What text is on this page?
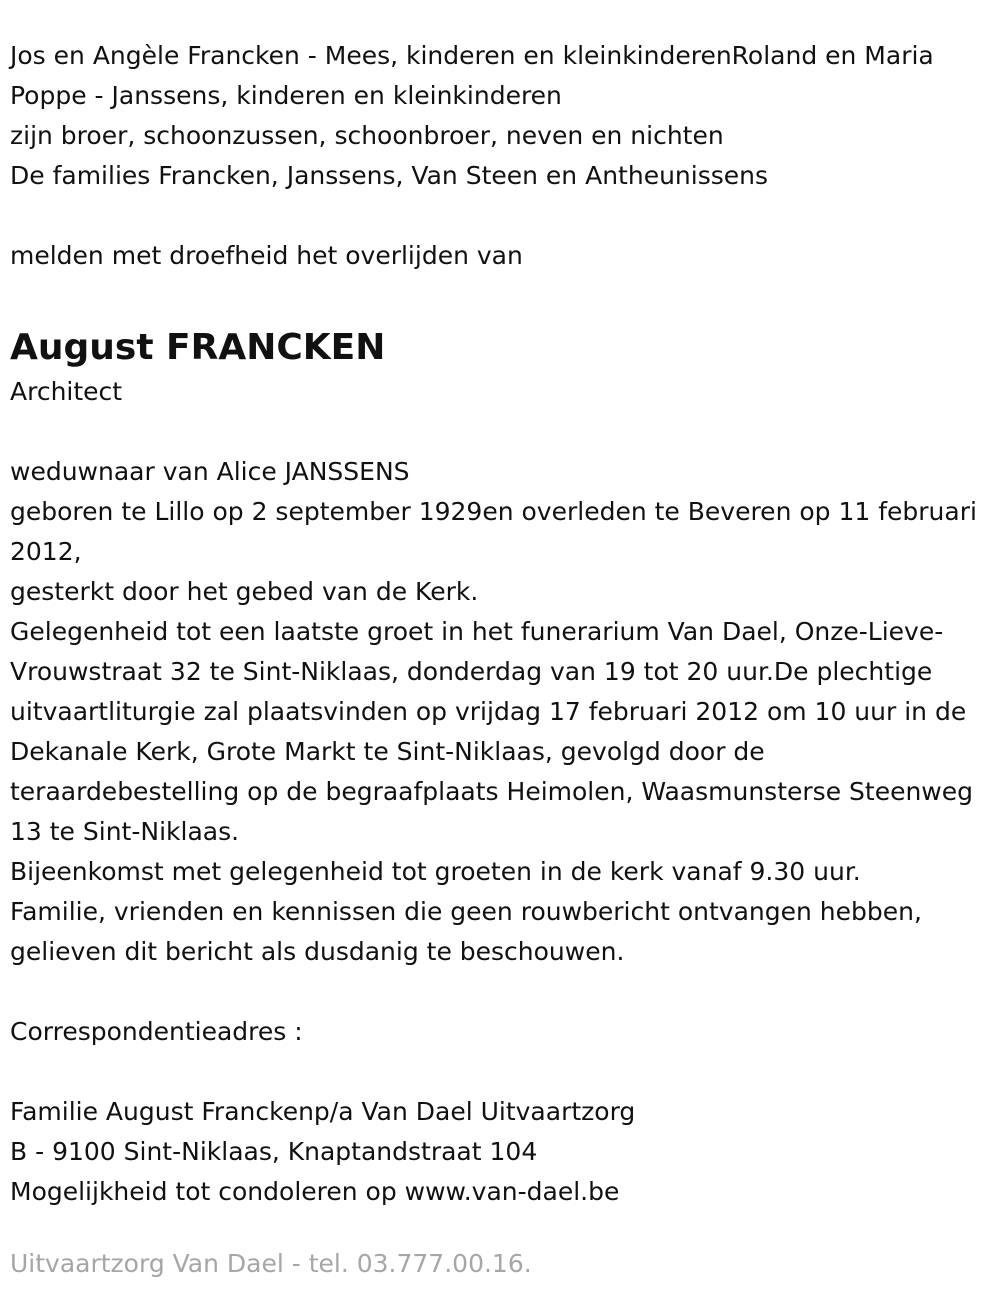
Jos en Angèle Francken - Mees, kinderen en kleinkinderenRoland en Maria
Poppe - Janssens, kinderen en kleinkinderen
zijn broer, schoonzussen, schoonbroer, neven en nichten
De families Francken, Janssens, Van Steen en Antheunissens
melden met droefheid het overlijden van
August FRANCKEN
Architect
weduwnaar van Alice JANSSENS
geboren te Lillo op 2 september 1929en overleden te Beveren op 11 februari 2012,
gesterkt door het gebed van de Kerk.
Gelegenheid tot een laatste groet in het funerarium Van Dael, Onze-Lieve-Vrouwstraat 32 te Sint-Niklaas, donderdag van 19 tot 20 uur.De plechtige uitvaartliturgie zal plaatsvinden op vrijdag 17 februari 2012 om 10 uur in de Dekanale Kerk, Grote Markt te Sint-Niklaas, gevolgd door de teraardebestelling op de begraafplaats Heimolen, Waasmunsterse Steenweg 13 te Sint-Niklaas.
Bijeenkomst met gelegenheid tot groeten in de kerk vanaf 9.30 uur.
Familie, vrienden en kennissen die geen rouwbericht ontvangen hebben, gelieven dit bericht als dusdanig te beschouwen.
Correspondentieadres :
Familie August Franckenp/a Van Dael Uitvaartzorg
B - 9100 Sint-Niklaas, Knaptandstraat 104
Mogelijkheid tot condoleren op www.van-dael.be
Uitvaartzorg Van Dael - tel. 03.777.00.16.
